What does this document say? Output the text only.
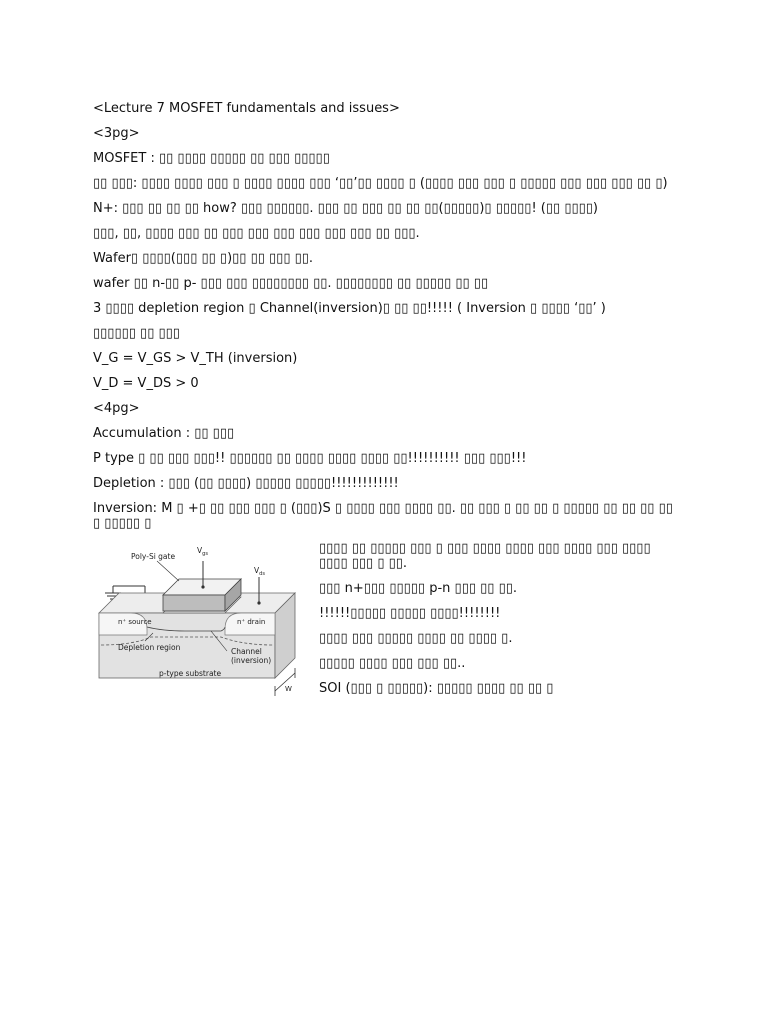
<Lecture 7 MOSFET fundamentals and issues>

<3pg>

MOSFET : ▯▯ ▯▯▯▯ ▯▯▯▯▯ ▯▯ ▯▯▯ ▯▯▯▯▯

▯▯ ▯▯▯: ▯▯▯▯ ▯▯▯▯ ▯▯▯ ▯ ▯▯▯▯ ▯▯▯▯ ▯▯▯ ‘▯▯’▯▯ ▯▯▯▯ ▯ (▯▯▯▯ ▯▯▯ ▯▯▯ ▯ ▯▯▯▯▯ ▯▯▯ ▯▯▯ ▯▯▯ ▯▯ ▯)

N+: ▯▯▯ ▯▯ ▯▯ ▯▯ how? ▯▯▯ ▯▯▯▯▯▯. ▯▯▯ ▯▯ ▯▯▯ ▯▯ ▯▯ ▯▯(▯▯▯▯▯)▯ ▯▯▯▯▯! (▯▯ ▯▯▯▯)

▯▯▯, ▯▯, ▯▯▯▯ ▯▯▯ ▯▯ ▯▯▯ ▯▯▯ ▯▯▯ ▯▯▯ ▯▯▯ ▯▯▯ ▯▯ ▯▯▯.

Wafer▯ ▯▯▯▯(▯▯▯ ▯▯ ▯)▯▯ ▯▯ ▯▯▯ ▯▯.

wafer ▯▯ n-▯▯ p- ▯▯▯ ▯▯▯ ▯▯▯▯▯▯▯▯ ▯▯. ▯▯▯▯▯▯▯▯ ▯▯ ▯▯▯▯▯ ▯▯ ▯▯

3 ▯▯▯▯ depletion region ▯ Channel(inversion)▯ ▯▯ ▯▯!!!!! ( Inversion ▯ ▯▯▯▯ ‘▯▯’ )

▯▯▯▯▯▯ ▯▯ ▯▯▯

V_G = V_GS > V_TH (inversion)

V_D = V_DS > 0

<4pg>

Accumulation : ▯▯ ▯▯▯

P type ▯ ▯▯ ▯▯▯ ▯▯▯!! ▯▯▯▯▯▯ ▯▯ ▯▯▯▯ ▯▯▯▯ ▯▯▯▯ ▯▯!!!!!!!!!! ▯▯▯ ▯▯▯!!!

Depletion : ▯▯▯ (▯▯ ▯▯▯▯) ▯▯▯▯▯ ▯▯▯▯▯!!!!!!!!!!!!!

Inversion: M ▯ +▯ ▯▯ ▯▯▯ ▯▯▯ ▯ (▯▯▯)S ▯ ▯▯▯▯ ▯▯▯ ▯▯▯▯ ▯▯. ▯▯ ▯▯▯ ▯ ▯▯ ▯▯ ▯ ▯▯▯▯▯ ▯▯ ▯▯ ▯▯ ▯▯ ▯ ▯▯▯▯▯ ▯

Poly-Si gate
$V_{gs}$
$V_{ds}$
n⁺ source	n⁺ drain
Depletion region	Channel
(inversion)
p-type substrate
W

▯▯▯▯ ▯▯ ▯▯▯▯▯ ▯▯▯ ▯ ▯▯▯ ▯▯▯▯ ▯▯▯▯ ▯▯▯ ▯▯▯▯ ▯▯▯ ▯▯▯▯ ▯▯▯▯ ▯▯▯ ▯ ▯▯.

▯▯▯ n+▯▯▯ ▯▯▯▯▯ p-n ▯▯▯ ▯▯ ▯▯.

!!!!!!▯▯▯▯▯ ▯▯▯▯▯ ▯▯▯▯!!!!!!!!

▯▯▯▯ ▯▯▯ ▯▯▯▯▯ ▯▯▯▯ ▯▯ ▯▯▯▯ ▯.

▯▯▯▯▯ ▯▯▯▯ ▯▯▯ ▯▯▯ ▯▯..

SOI (▯▯▯ ▯ ▯▯▯▯▯): ▯▯▯▯▯ ▯▯▯▯ ▯▯ ▯▯ ▯
